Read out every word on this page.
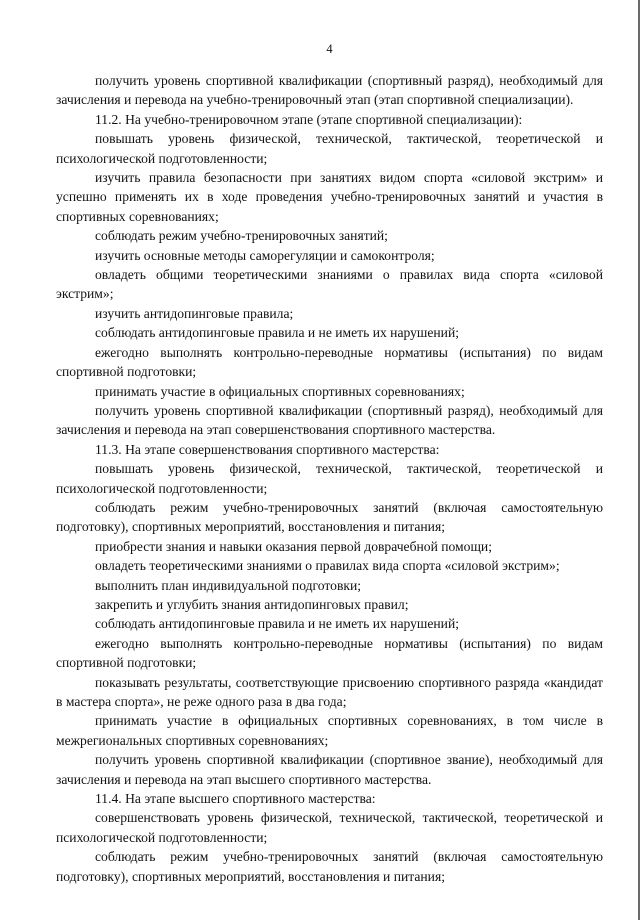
4

получить уровень спортивной квалификации (спортивный разряд), необходимый для зачисления и перевода на учебно-тренировочный этап (этап спортивной специализации).

11.2. На учебно-тренировочном этапе (этапе спортивной специализации):

повышать уровень физической, технической, тактической, теоретической и психологической подготовленности;

изучить правила безопасности при занятиях видом спорта «силовой экстрим» и успешно применять их в ходе проведения учебно-тренировочных занятий и участия в спортивных соревнованиях;

соблюдать режим учебно-тренировочных занятий;

изучить основные методы саморегуляции и самоконтроля;

овладеть общими теоретическими знаниями о правилах вида спорта «силовой экстрим»;

изучить антидопинговые правила;

соблюдать антидопинговые правила и не иметь их нарушений;

ежегодно выполнять контрольно-переводные нормативы (испытания) по видам спортивной подготовки;

принимать участие в официальных спортивных соревнованиях;

получить уровень спортивной квалификации (спортивный разряд), необходимый для зачисления и перевода на этап совершенствования спортивного мастерства.

11.3. На этапе совершенствования спортивного мастерства:

повышать уровень физической, технической, тактической, теоретической и психологической подготовленности;

соблюдать режим учебно-тренировочных занятий (включая самостоятельную подготовку), спортивных мероприятий, восстановления и питания;

приобрести знания и навыки оказания первой доврачебной помощи;

овладеть теоретическими знаниями о правилах вида спорта «силовой экстрим»;

выполнить план индивидуальной подготовки;

закрепить и углубить знания антидопинговых правил;

соблюдать антидопинговые правила и не иметь их нарушений;

ежегодно выполнять контрольно-переводные нормативы (испытания) по видам спортивной подготовки;

показывать результаты, соответствующие присвоению спортивного разряда «кандидат в мастера спорта», не реже одного раза в два года;

принимать участие в официальных спортивных соревнованиях, в том числе в межрегиональных спортивных соревнованиях;

получить уровень спортивной квалификации (спортивное звание), необходимый для зачисления и перевода на этап высшего спортивного мастерства.

11.4. На этапе высшего спортивного мастерства:

совершенствовать уровень физической, технической, тактической, теоретической и психологической подготовленности;

соблюдать режим учебно-тренировочных занятий (включая самостоятельную подготовку), спортивных мероприятий, восстановления и питания;
